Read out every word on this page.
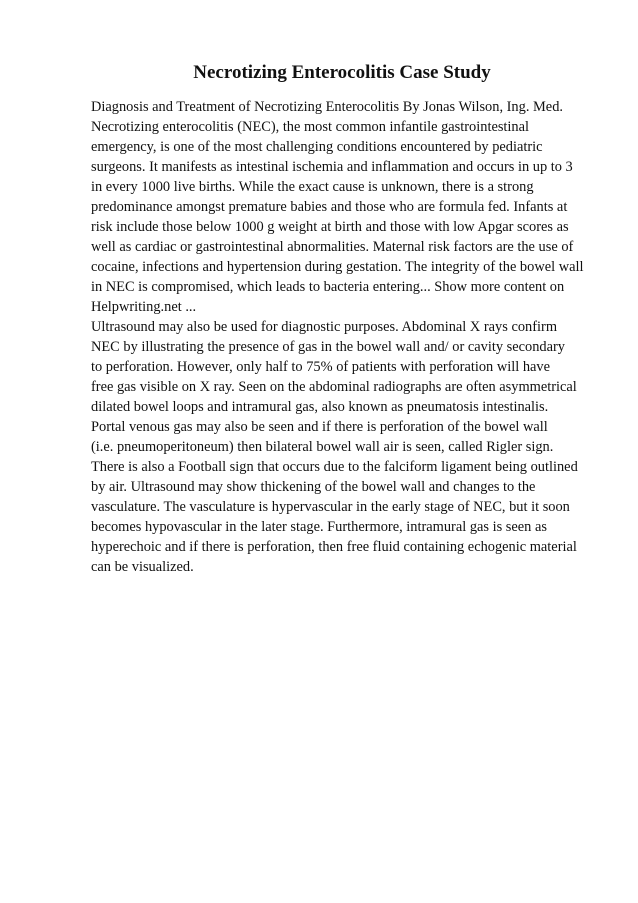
Necrotizing Enterocolitis Case Study
Diagnosis and Treatment of Necrotizing Enterocolitis By Jonas Wilson, Ing. Med.
Necrotizing enterocolitis (NEC), the most common infantile gastrointestinal
emergency, is one of the most challenging conditions encountered by pediatric
surgeons. It manifests as intestinal ischemia and inflammation and occurs in up to 3
in every 1000 live births. While the exact cause is unknown, there is a strong
predominance amongst premature babies and those who are formula fed. Infants at
risk include those below 1000 g weight at birth and those with low Apgar scores as
well as cardiac or gastrointestinal abnormalities. Maternal risk factors are the use of
cocaine, infections and hypertension during gestation. The integrity of the bowel wall
in NEC is compromised, which leads to bacteria entering... Show more content on
Helpwriting.net ...
Ultrasound may also be used for diagnostic purposes. Abdominal X rays confirm
NEC by illustrating the presence of gas in the bowel wall and/ or cavity secondary
to perforation. However, only half to 75% of patients with perforation will have
free gas visible on X ray. Seen on the abdominal radiographs are often asymmetrical
dilated bowel loops and intramural gas, also known as pneumatosis intestinalis.
Portal venous gas may also be seen and if there is perforation of the bowel wall
(i.e. pneumoperitoneum) then bilateral bowel wall air is seen, called Rigler sign.
There is also a Football sign that occurs due to the falciform ligament being outlined
by air. Ultrasound may show thickening of the bowel wall and changes to the
vasculature. The vasculature is hypervascular in the early stage of NEC, but it soon
becomes hypovascular in the later stage. Furthermore, intramural gas is seen as
hyperechoic and if there is perforation, then free fluid containing echogenic material
can be visualized.
